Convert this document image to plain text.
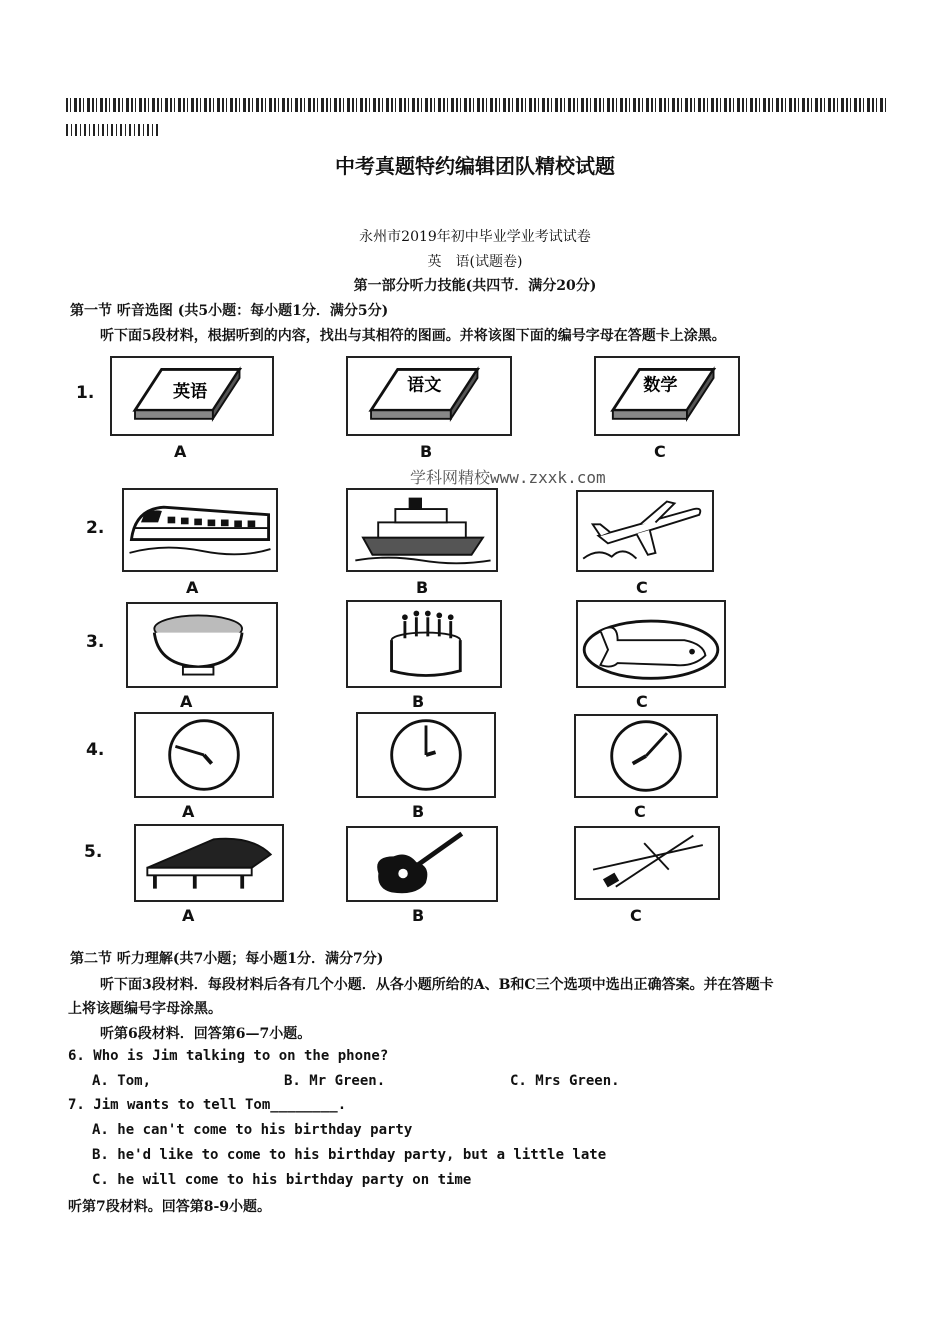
中考真题特约编辑团队精校试题
永州市2019年初中毕业学业考试试卷
英　语(试题卷)
第一部分听力技能(共四节．满分20分)
第一节 听音选图 (共5小题：每小题1分．满分5分)
听下面5段材料，根据听到的内容，找出与其相符的图画。并将该图下面的编号字母在答题卡上涂黑。
学科网精校www.zxxk.com
1.	英语	语文	数学
A	B	C
2.
A	B	C
3.
A	B	C
4.
A	B	C
5.
A	B	C
第二节 听力理解(共7小题；每小题1分．满分7分)
听下面3段材料．每段材料后各有几个小题．从各小题所给的A、B和C三个选项中选出正确答案。并在答题卡
上将该题编号字母涂黑。
听第6段材料．回答第6—7小题。
6. Who is Jim talking to on the phone?
A. Tom,	B. Mr Green.	C. Mrs Green.
7. Jim wants to tell Tom________.
A. he can't come to his birthday party
B. he'd like to come to his birthday party, but a little late
C. he will come to his birthday party on time
听第7段材料。回答第8-9小题。
